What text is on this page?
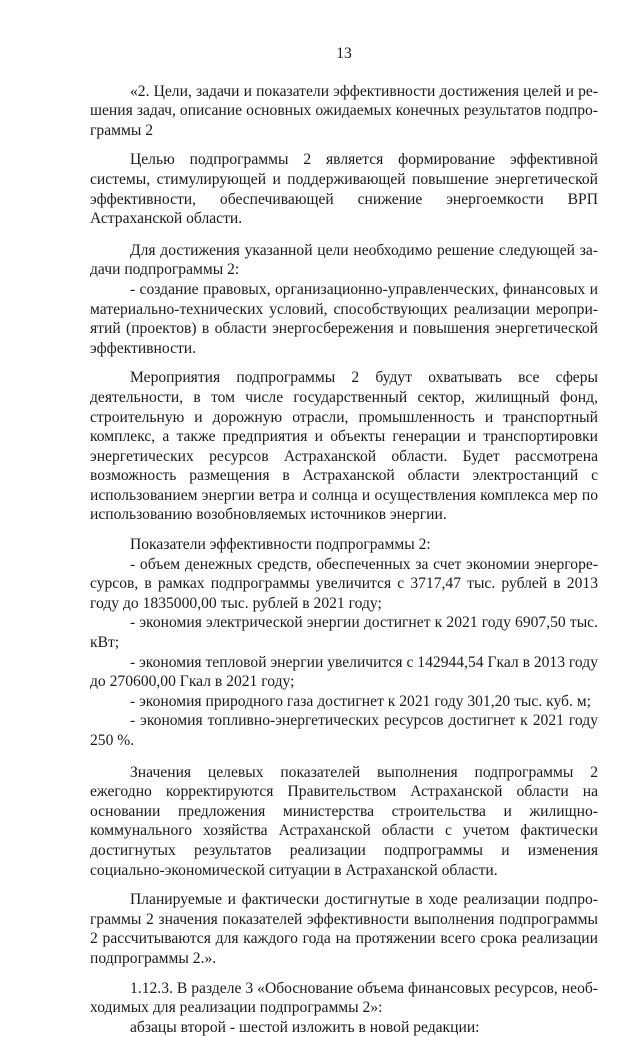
13

«2. Цели, задачи и показатели эффективности достижения целей и решения задач, описание основных ожидаемых конечных результатов подпрограммы 2

Целью подпрограммы 2 является формирование эффективной системы, стимулирующей и поддерживающей повышение энергетической эффективности, обеспечивающей снижение энергоемкости ВРП Астраханской области.

Для достижения указанной цели необходимо решение следующей задачи подпрограммы 2:

- создание правовых, организационно-управленческих, финансовых и материально-технических условий, способствующих реализации мероприятий (проектов) в области энергосбережения и повышения энергетической эффективности.

Мероприятия подпрограммы 2 будут охватывать все сферы деятельности, в том числе государственный сектор, жилищный фонд, строительную и дорожную отрасли, промышленность и транспортный комплекс, а также предприятия и объекты генерации и транспортировки энергетических ресурсов Астраханской области. Будет рассмотрена возможность размещения в Астраханской области электростанций с использованием энергии ветра и солнца и осуществления комплекса мер по использованию возобновляемых источников энергии.

Показатели эффективности подпрограммы 2:

- объем денежных средств, обеспеченных за счет экономии энергоресурсов, в рамках подпрограммы увеличится с 3717,47 тыс. рублей в 2013 году до 1835000,00 тыс. рублей в 2021 году;

- экономия электрической энергии достигнет к 2021 году 6907,50 тыс. кВт;

- экономия тепловой энергии увеличится с 142944,54 Гкал в 2013 году до 270600,00 Гкал в 2021 году;

- экономия природного газа достигнет к 2021 году 301,20 тыс. куб. м;

- экономия топливно-энергетических ресурсов достигнет к 2021 году 250 %.

Значения целевых показателей выполнения подпрограммы 2 ежегодно корректируются Правительством Астраханской области на основании предложения министерства строительства и жилищно-коммунального хозяйства Астраханской области с учетом фактически достигнутых результатов реализации подпрограммы и изменения социально-экономической ситуации в Астраханской области.

Планируемые и фактически достигнутые в ходе реализации подпрограммы 2 значения показателей эффективности выполнения подпрограммы 2 рассчитываются для каждого года на протяжении всего срока реализации подпрограммы 2.».

1.12.3. В разделе 3 «Обоснование объема финансовых ресурсов, необходимых для реализации подпрограммы 2»:

абзацы второй - шестой изложить в новой редакции:
